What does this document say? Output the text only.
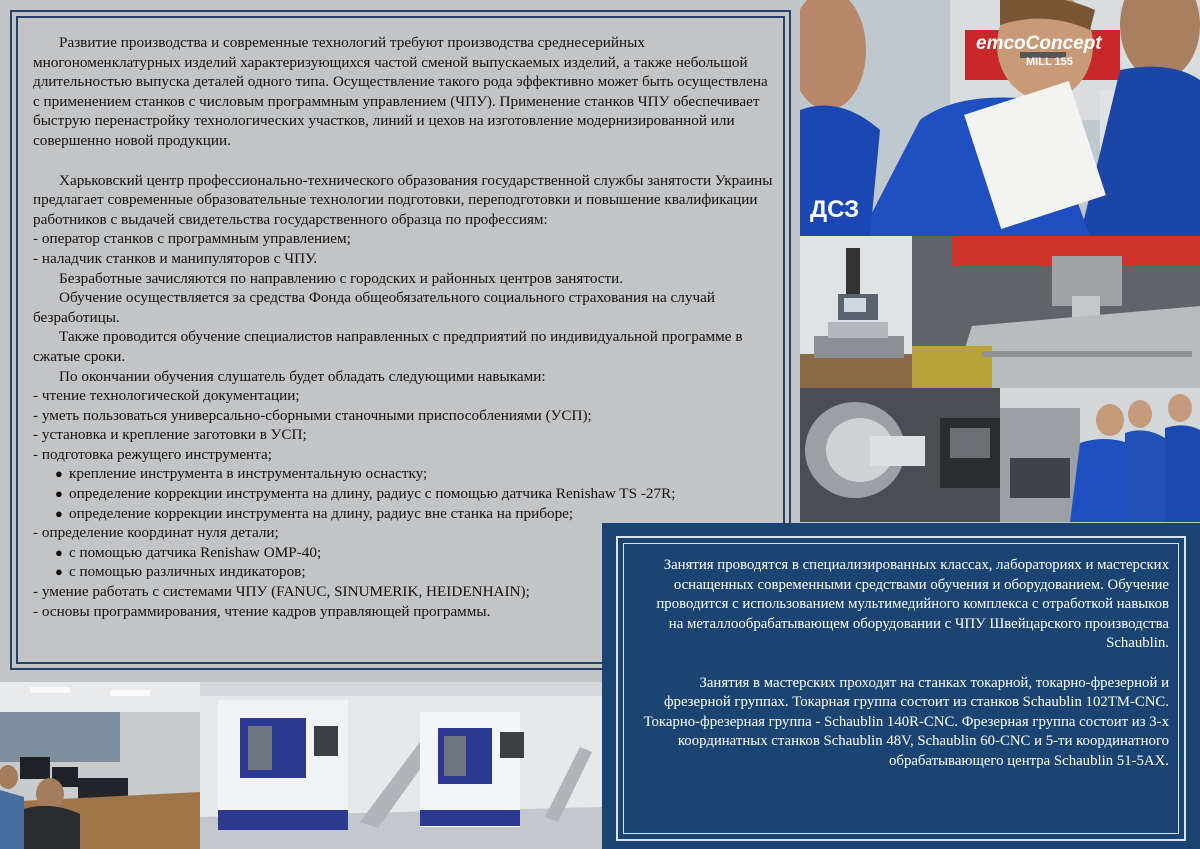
Развитие производства и современные технологий требуют производства среднесерийных многономенклатурных изделий характеризующихся частой сменой выпускаемых изделий, а также небольшой длительностью выпуска деталей одного типа. Осуществление такого рода эффективно может быть осуществлена с применением станков с числовым программным управлением (ЧПУ). Применение станков ЧПУ обеспечивает быструю перенастройку технологических участков, линий и цехов на изготовление модернизированной или совершенно новой продукции.

Харьковский центр профессионально-технического образования государственной службы занятости Украины предлагает современные образовательные технологии подготовки, переподготовки и повышение квалификации работников с выдачей свидетельства государственного образца по профессиям:

- оператор станков с программным управлением;

- наладчик станков и манипуляторов с ЧПУ.

Безработные зачисляются по направлению с городских и районных центров занятости.

Обучение осуществляется за средства Фонда общеобязательного социального страхования на случай безработицы.

Также проводится обучение специалистов направленных с предприятий по индивидуальной программе в сжатые сроки.

По окончании обучения слушатель будет обладать следующими навыками:

- чтение технологической документации;

- уметь пользоваться универсально-сборными станочными приспособлениями (УСП);

- установка и крепление заготовки в УСП;

- подготовка режущего инструмента;

● крепление инструмента в инструментальную оснастку;

● определение коррекции инструмента на длину, радиус с помощью датчика Renishaw TS -27R;

● определение коррекции инструмента на длину, радиус вне станка на приборе;

- определение координат нуля детали;

● с помощью датчика Renishaw OMP-40;

● с помощью различных индикаторов;

- умение работать с системами ЧПУ (FANUC, SINUMERIK, HEIDENHAIN);

- основы программирования, чтение кадров управляющей программы.

emcoConcept
MILL 155
ДСЗ

Занятия проводятся в специализированных классах, лабораториях и мастерских оснащенных современными средствами обучения и оборудованием. Обучение проводится с использованием мультимедийного комплекса с отработкой навыков на металлообрабатывающем оборудовании с ЧПУ Швейцарского производства Schaublin.

Занятия в мастерских проходят на станках токарной, токарно-фрезерной и фрезерной группах. Токарная группа состоит из станков Schaublin 102TM-CNC. Токарно-фрезерная группа - Schaublin 140R-CNC. Фрезерная группа состоит из 3-х координатных станков Schaublin 48V, Schaublin 60-CNC и 5-ти координатного обрабатывающего центра Schaublin 51-5AX.
